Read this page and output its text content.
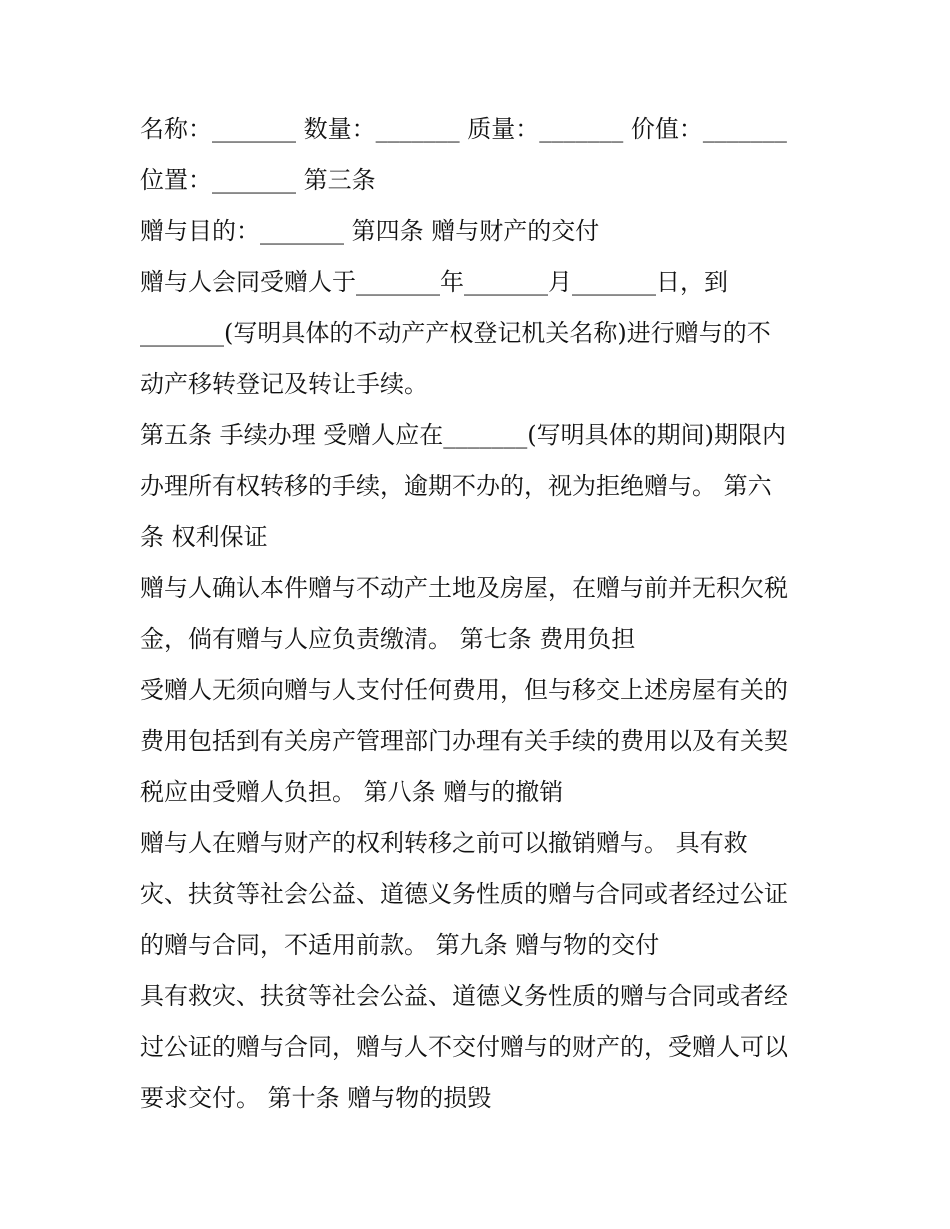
名称：_______ 数量：_______ 质量：_______ 价值：_______
位置：_______ 第三条
赠与目的：_______ 第四条 赠与财产的交付
赠与人会同受赠人于_______年_______月_______日，到
_______(写明具体的不动产产权登记机关名称)进行赠与的不
动产移转登记及转让手续。
第五条 手续办理 受赠人应在_______(写明具体的期间)期限内
办理所有权转移的手续，逾期不办的，视为拒绝赠与。 第六
条 权利保证
赠与人确认本件赠与不动产土地及房屋，在赠与前并无积欠税
金，倘有赠与人应负责缴清。 第七条 费用负担
受赠人无须向赠与人支付任何费用，但与移交上述房屋有关的
费用包括到有关房产管理部门办理有关手续的费用以及有关契
税应由受赠人负担。 第八条 赠与的撤销
赠与人在赠与财产的权利转移之前可以撤销赠与。 具有救
灾、扶贫等社会公益、道德义务性质的赠与合同或者经过公证
的赠与合同，不适用前款。 第九条 赠与物的交付
具有救灾、扶贫等社会公益、道德义务性质的赠与合同或者经
过公证的赠与合同，赠与人不交付赠与的财产的，受赠人可以
要求交付。 第十条 赠与物的损毁
